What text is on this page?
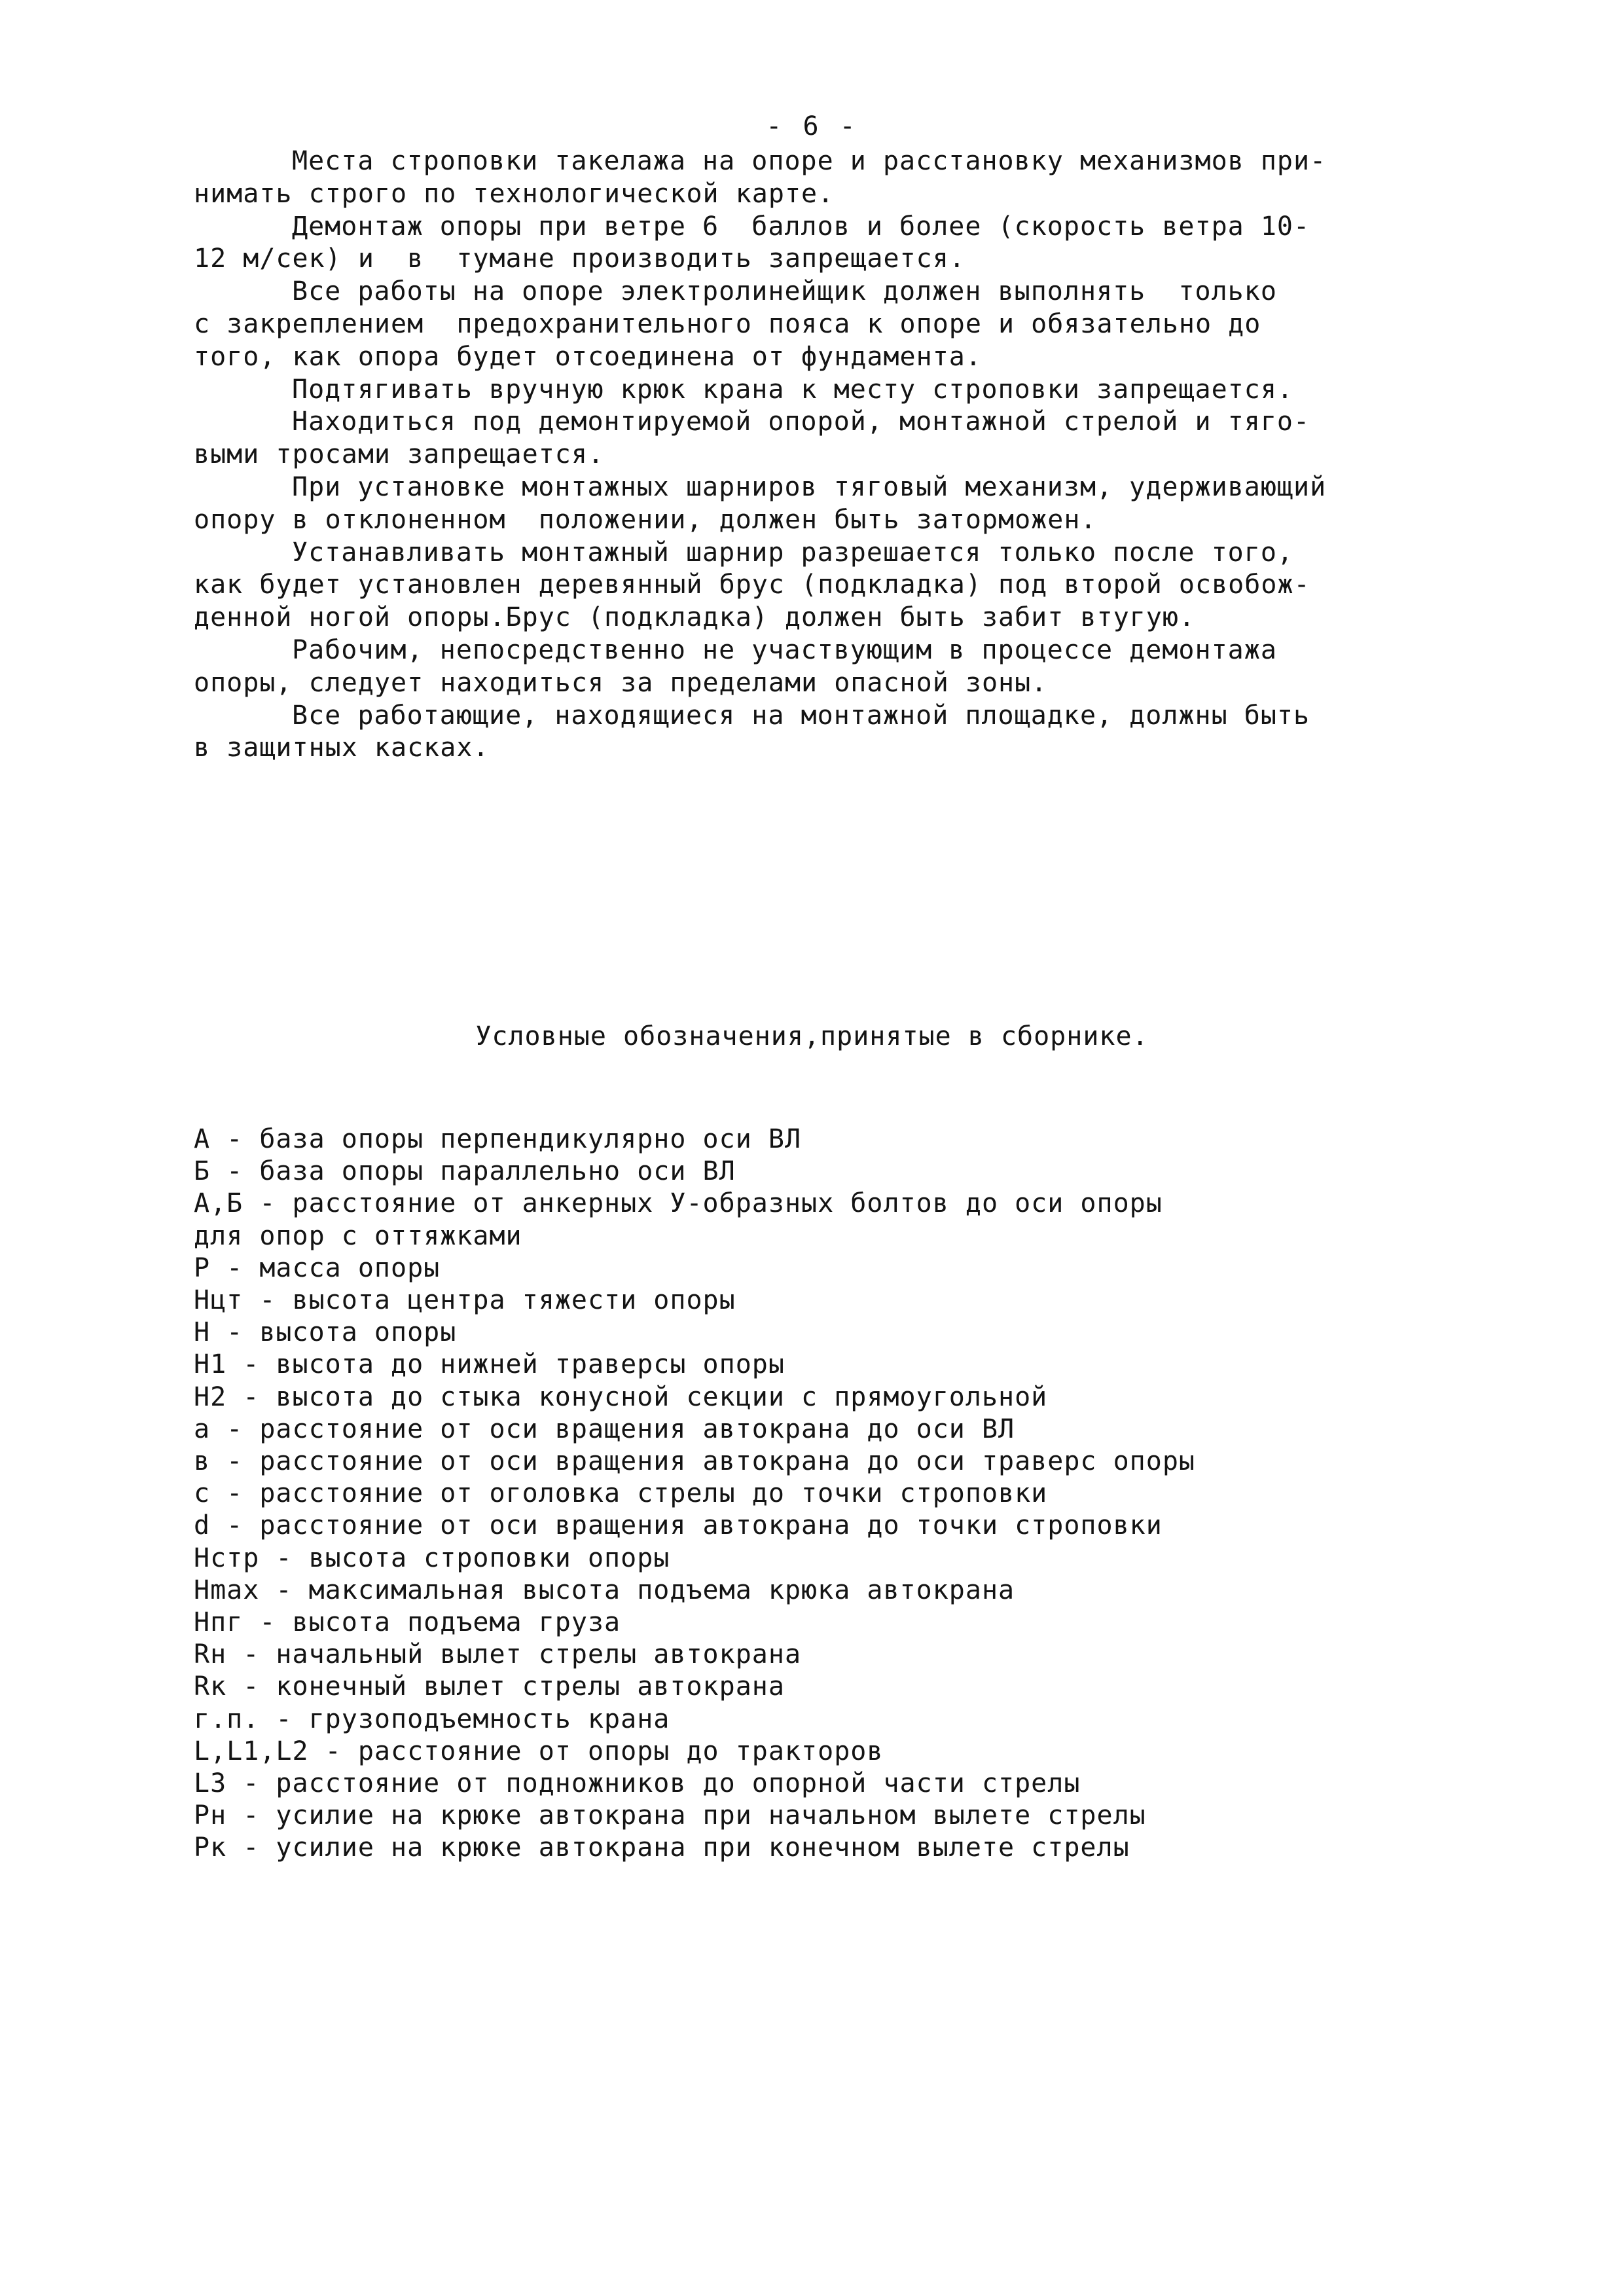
- 6 -
Места строповки такелажа на опоре и расстановку механизмов при-
нимать строго по технологической карте.
Демонтаж опоры при ветре 6  баллов и более (скорость ветра 10-
12 м/сек) и  в  тумане производить запрещается.
Все работы на опоре электролинейщик должен выполнять  только
с закреплением  предохранительного пояса к опоре и обязательно до
того, как опора будет отсоединена от фундамента.
Подтягивать вручную крюк крана к месту строповки запрещается.
Находиться под демонтируемой опорой, монтажной стрелой и тяго-
выми тросами запрещается.
При установке монтажных шарниров тяговый механизм, удерживающий
опору в отклоненном  положении, должен быть заторможен.
Устанавливать монтажный шарнир разрешается только после того,
как будет установлен деревянный брус (подкладка) под второй освобож-
денной ногой опоры.Брус (подкладка) должен быть забит втугую.
Рабочим, непосредственно не участвующим в процессе демонтажа
опоры, следует находиться за пределами опасной зоны.
Все работающие, находящиеся на монтажной площадке, должны быть
в защитных касках.
Условные обозначения,принятые в сборнике.
А - база опоры перпендикулярно оси ВЛ
Б - база опоры параллельно оси ВЛ
А,Б - расстояние от анкерных У-образных болтов до оси опоры
для опор с оттяжками
Р - масса опоры
Нцт - высота центра тяжести опоры
Н - высота опоры
Н1 - высота до нижней траверсы опоры
Н2 - высота до стыка конусной секции с прямоугольной
а - расстояние от оси вращения автокрана до оси ВЛ
в - расстояние от оси вращения автокрана до оси траверс опоры
с - расстояние от оголовка стрелы до точки строповки
d - расстояние от оси вращения автокрана до точки строповки
Нстр - высота строповки опоры
Нmах - максимальная высота подъема крюка автокрана
Нпг - высота подъема груза
Rн - начальный вылет стрелы автокрана
Rк - конечный вылет стрелы автокрана
г.п. - грузоподъемность крана
L,L1,L2 - расстояние от опоры до тракторов
L3 - расстояние от подножников до опорной части стрелы
Рн - усилие на крюке автокрана при начальном вылете стрелы
Рк - усилие на крюке автокрана при конечном вылете стрелы
